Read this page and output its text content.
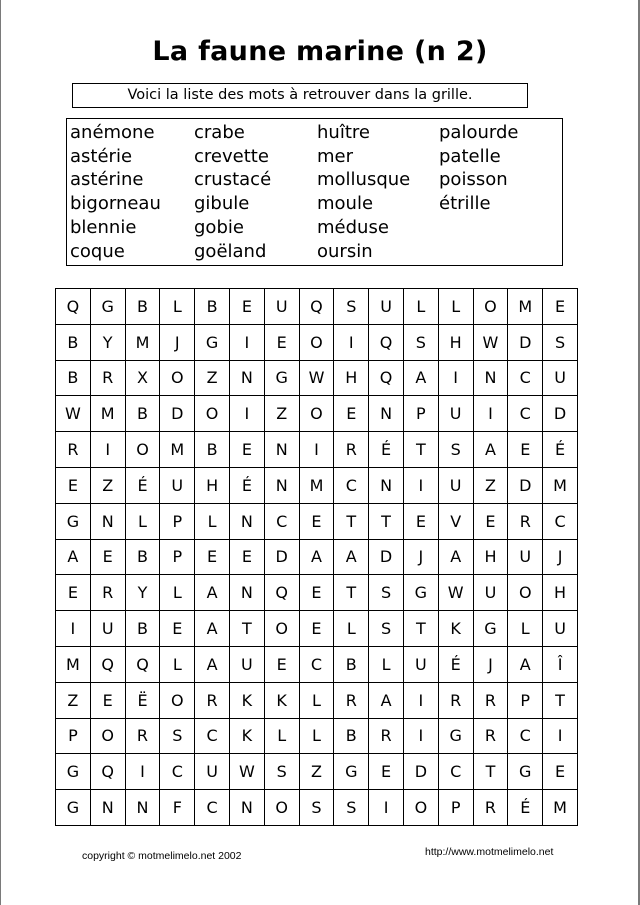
La faune marine (n 2)
Voici la liste des mots à retrouver dans la grille.
anémone
astérie
astérine
bigorneau
blennie
coque
crabe
crevette
crustacé
gibule
gobie
goëland
huître
mer
mollusque
moule
méduse
oursin
palourde
patelle
poisson
étrille
Q	G	B	L	B	E	U	Q	S	U	L	L	O	M	E
B	Y	M	J	G	I	E	O	I	Q	S	H	W	D	S
B	R	X	O	Z	N	G	W	H	Q	A	I	N	C	U
W	M	B	D	O	I	Z	O	E	N	P	U	I	C	D
R	I	O	M	B	E	N	I	R	É	T	S	A	E	É
E	Z	É	U	H	É	N	M	C	N	I	U	Z	D	M
G	N	L	P	L	N	C	E	T	T	E	V	E	R	C
A	E	B	P	E	E	D	A	A	D	J	A	H	U	J
E	R	Y	L	A	N	Q	E	T	S	G	W	U	O	H
I	U	B	E	A	T	O	E	L	S	T	K	G	L	U
M	Q	Q	L	A	U	E	C	B	L	U	É	J	A	Î
Z	E	Ë	O	R	K	K	L	R	A	I	R	R	P	T
P	O	R	S	C	K	L	L	B	R	I	G	R	C	I
G	Q	I	C	U	W	S	Z	G	E	D	C	T	G	E
G	N	N	F	C	N	O	S	S	I	O	P	R	É	M
copyright © motmelimelo.net 2002	http://www.motmelimelo.net
